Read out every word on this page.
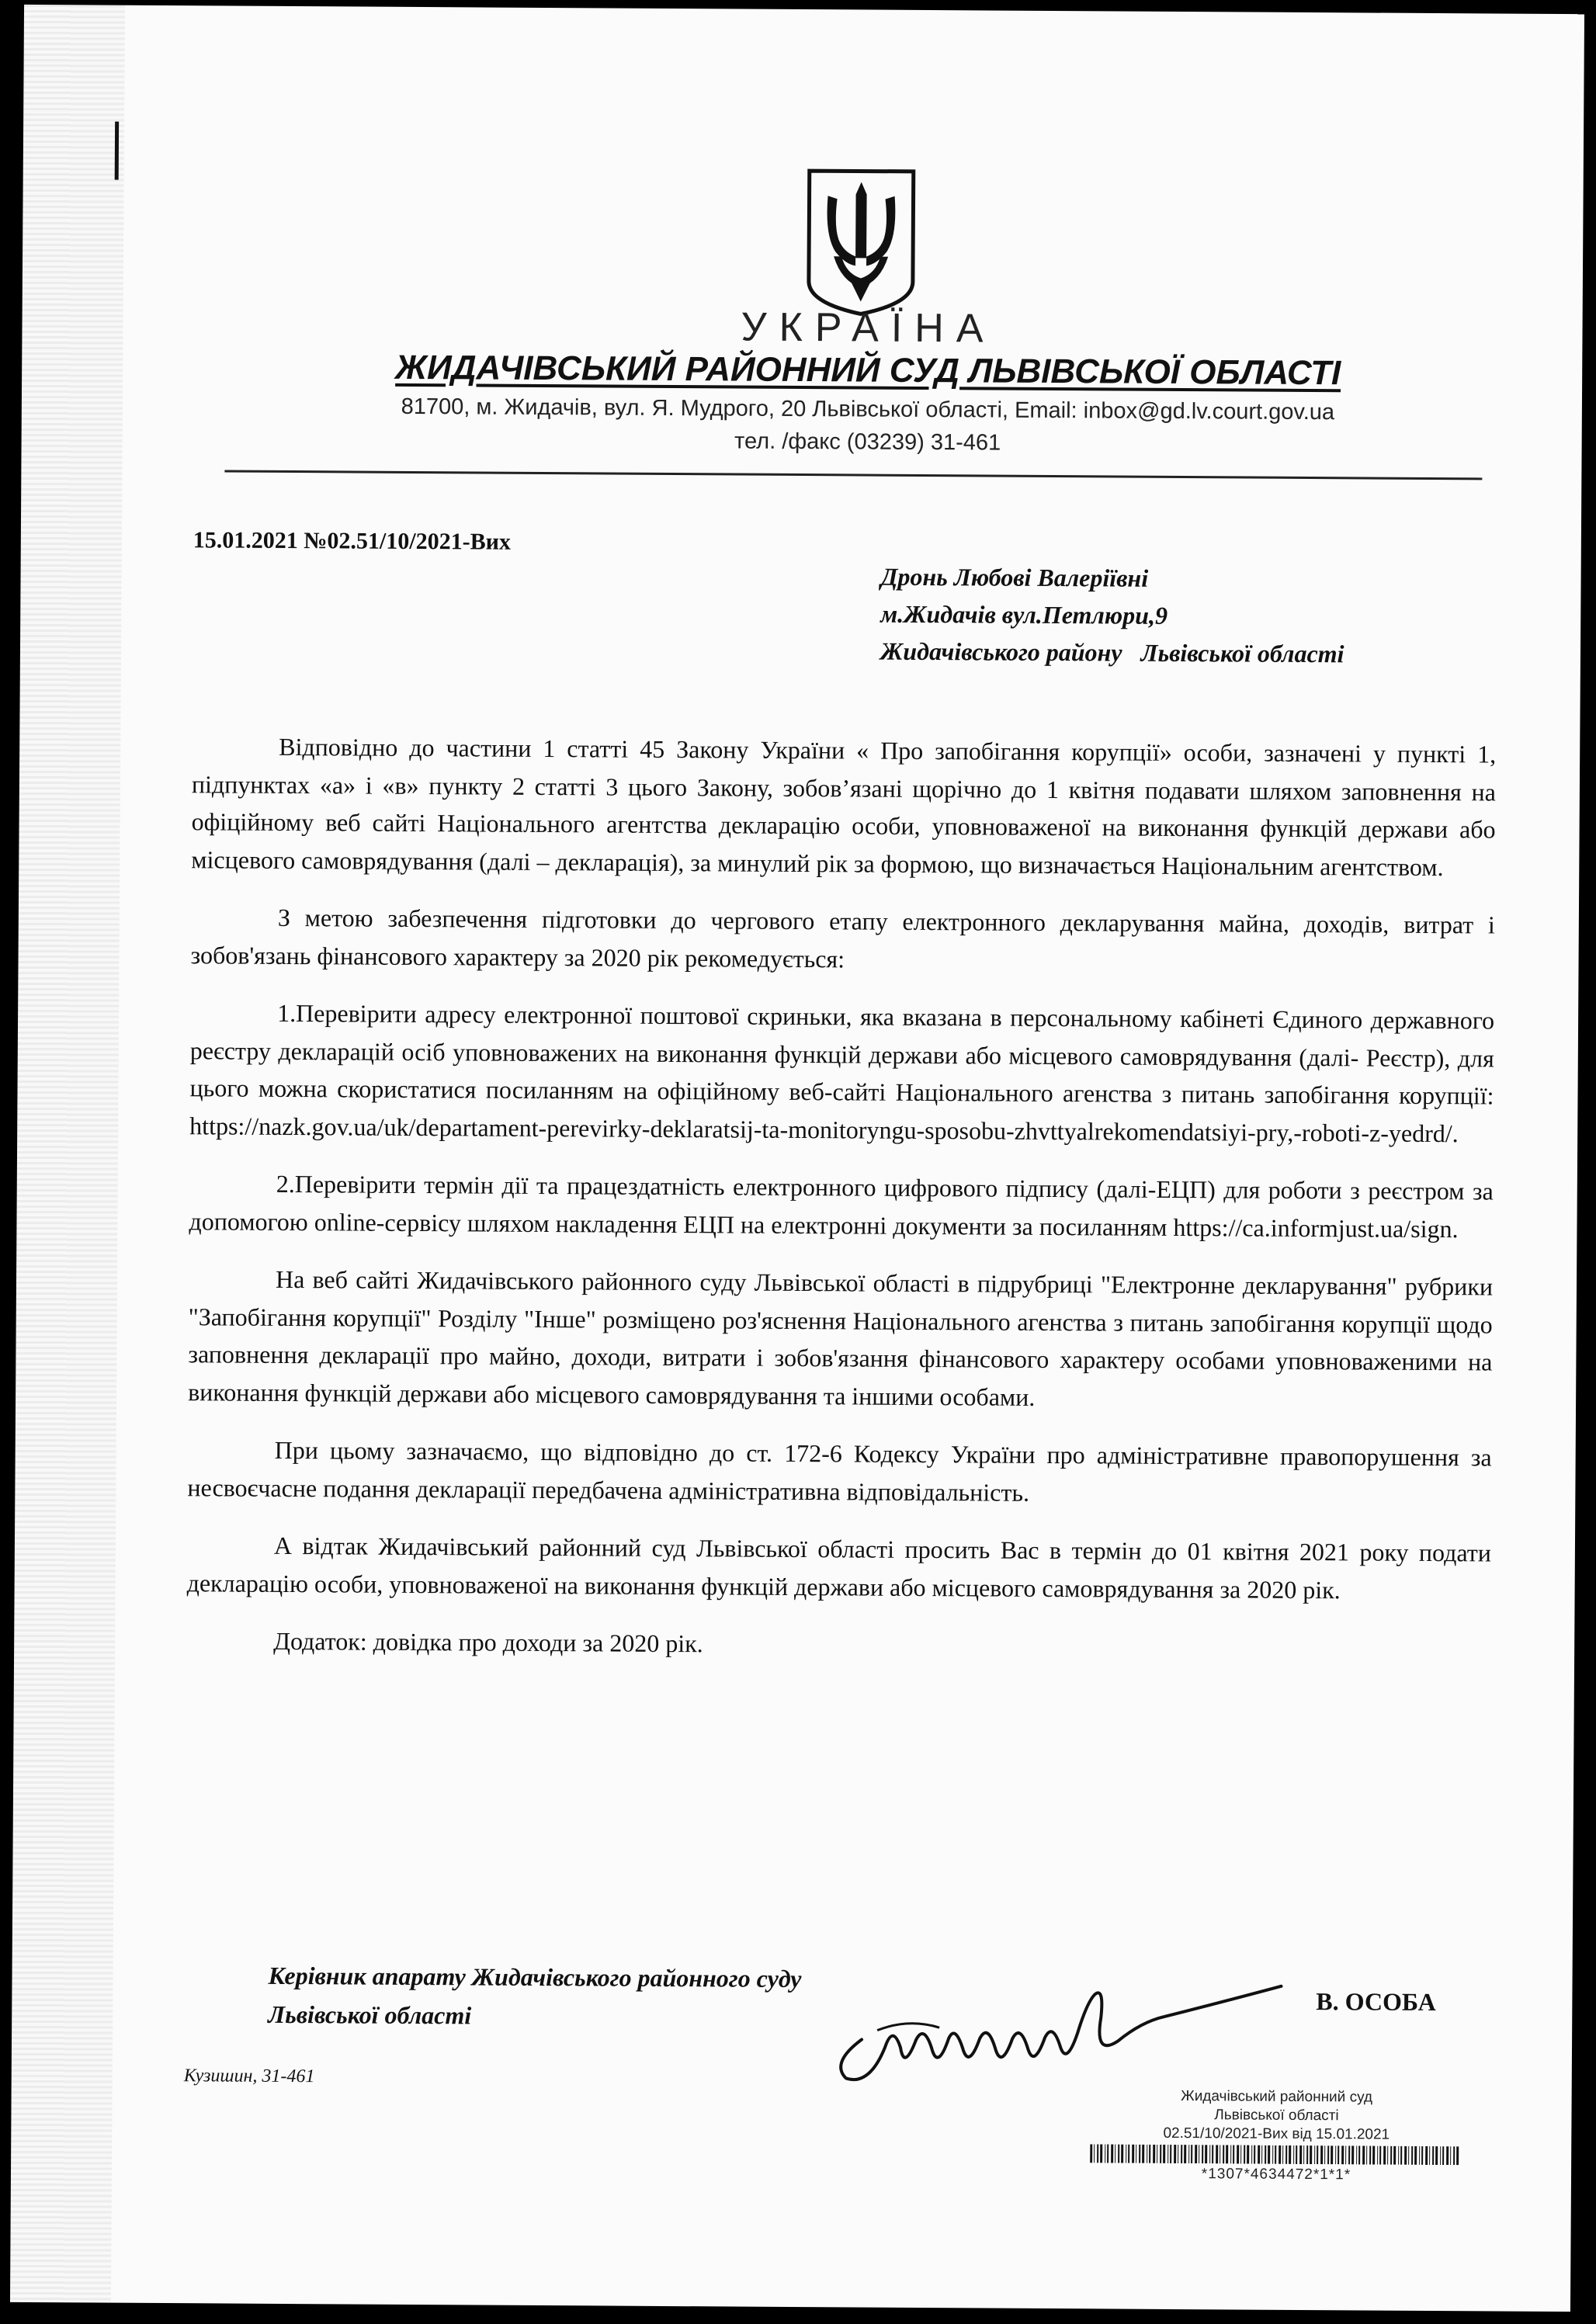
УКРАЇНА
ЖИДАЧІВСЬКИЙ РАЙОННИЙ СУД ЛЬВІВСЬКОЇ ОБЛАСТІ
81700, м. Жидачів, вул. Я. Мудрого, 20 Львівської області, Email: inbox@gd.lv.court.gov.ua
тел. /факс (03239) 31-461
15.01.2021 №02.51/10/2021-Вих
Дронь Любові Валеріївні
м.Жидачів вул.Петлюри,9
Жидачівського району   Львівської області

Відповідно до частини 1 статті 45 Закону України « Про запобігання корупції» особи, зазначені у пункті 1, підпунктах «а» і «в» пункту 2 статті 3 цього Закону, зобов’язані щорічно до 1 квітня подавати шляхом заповнення на офіційному веб сайті Національного агентства декларацію особи, уповноваженої на виконання функцій держави або місцевого самоврядування (далі – декларація), за минулий рік за формою, що визначається Національним агентством.

З метою забезпечення підготовки до чергового етапу електронного декларування майна, доходів, витрат і зобов'язань фінансового характеру за 2020 рік рекомедується:

1.Перевірити адресу електронної поштової скриньки, яка вказана в персональному кабінеті Єдиного державного реєстру декларацій осіб уповноважених на виконання функцій держави або місцевого самоврядування (далі- Реєстр), для цього можна скористатися посиланням на офіційному веб-сайті Національного агенства з питань запобігання корупції: https://nazk.gov.ua/uk/departament-perevirky-deklaratsij-ta-monitoryngu-sposobu-zhvttyalrekomendatsiyi-pry,-roboti-z-yedrd/.

2.Перевірити термін дії та працездатність електронного цифрового підпису (далі-ЕЦП) для роботи з реєстром за допомогою online-сервісу шляхом накладення ЕЦП на електронні документи за посиланням https://ca.informjust.ua/sign.

На веб сайті Жидачівського районного суду Львівської області в підрубриці "Електронне декларування" рубрики "Запобігання корупції" Розділу "Інше" розміщено роз'яснення Національного агенства з питань запобігання корупції щодо заповнення декларації про майно, доходи, витрати і зобов'язання фінансового характеру особами уповноваженими на виконання функцій держави або місцевого самоврядування та іншими особами.

При цьому зазначаємо, що відповідно до ст. 172-6 Кодексу України про адміністративне правопорушення за несвоєчасне подання декларації передбачена адміністративна відповідальність.

А відтак Жидачівський районний суд Львівської області просить Вас в термін до 01 квітня 2021 року подати декларацію особи, уповноваженої на виконання функцій держави або місцевого самоврядування за 2020 рік.

Додаток: довідка про доходи за 2020 рік.

Керівник апарату Жидачівського районного суду
Львівської області	В. ОСОБА
Кузишин, 31-461
Жидачівський районний суд
Львівської області
02.51/10/2021-Вих від 15.01.2021
*1307*4634472*1*1*
